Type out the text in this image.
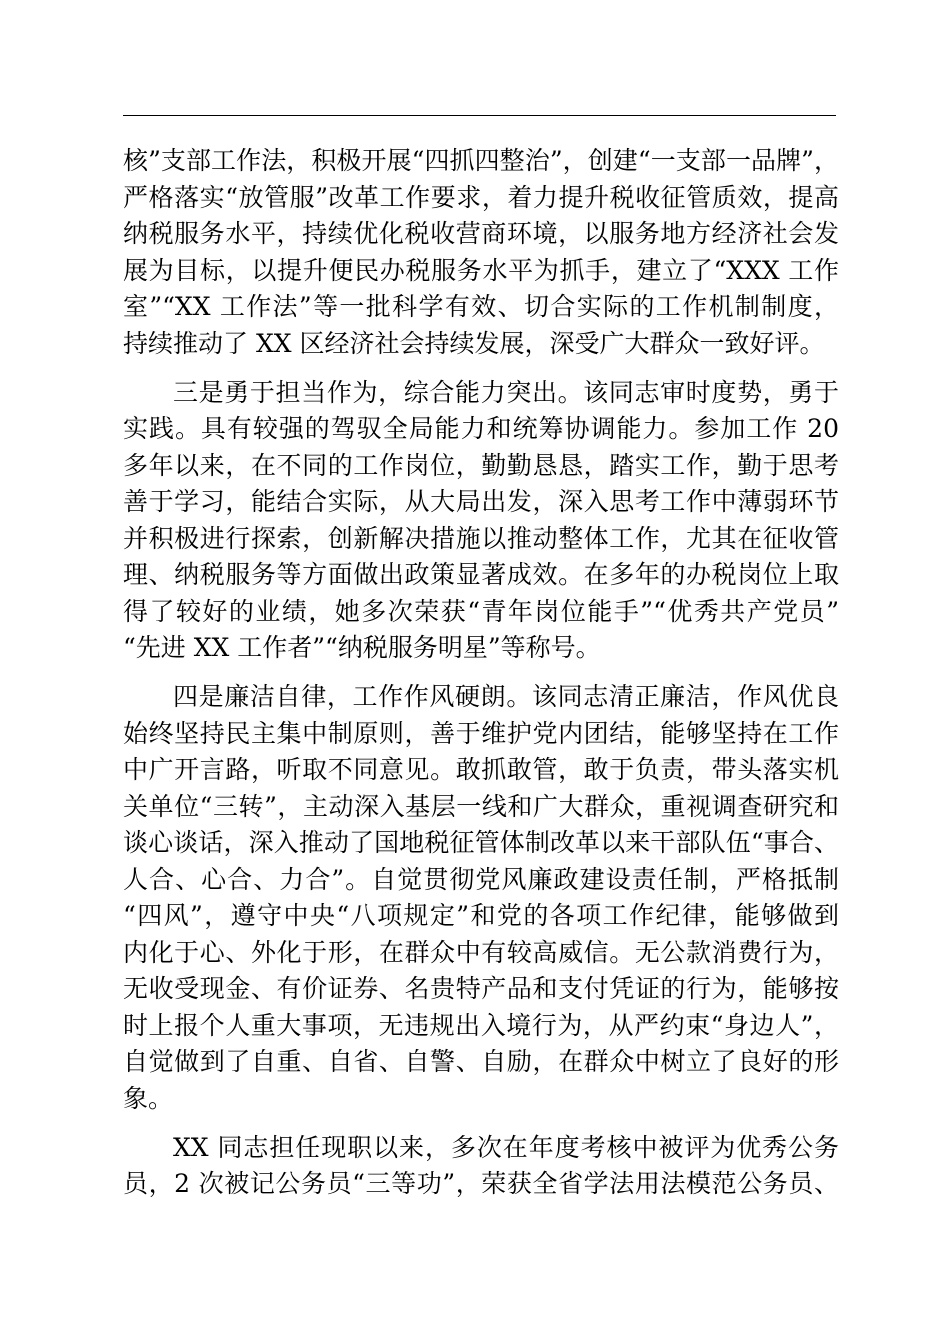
核”支部工作法，积极开展“四抓四整治”，创建“一支部一品牌”，
严格落实“放管服”改革工作要求，着力提升税收征管质效，提高
纳税服务水平，持续优化税收营商环境，以服务地方经济社会发
展为目标，以提升便民办税服务水平为抓手，建立了“XXX 工作
室”“XX 工作法”等一批科学有效、切合实际的工作机制制度，
持续推动了 XX 区经济社会持续发展，深受广大群众一致好评。
三是勇于担当作为，综合能力突出。该同志审时度势，勇于
实践。具有较强的驾驭全局能力和统筹协调能力。参加工作 20
多年以来，在不同的工作岗位，勤勤恳恳，踏实工作，勤于思考
善于学习，能结合实际，从大局出发，深入思考工作中薄弱环节
并积极进行探索，创新解决措施以推动整体工作，尤其在征收管
理、纳税服务等方面做出政策显著成效。在多年的办税岗位上取
得了较好的业绩，她多次荣获“青年岗位能手”“优秀共产党员”
“先进 XX 工作者”“纳税服务明星”等称号。
四是廉洁自律，工作作风硬朗。该同志清正廉洁，作风优良
始终坚持民主集中制原则，善于维护党内团结，能够坚持在工作
中广开言路，听取不同意见。敢抓敢管，敢于负责，带头落实机
关单位“三转”，主动深入基层一线和广大群众，重视调查研究和
谈心谈话，深入推动了国地税征管体制改革以来干部队伍“事合、
人合、心合、力合”。自觉贯彻党风廉政建设责任制，严格抵制
“四风”，遵守中央“八项规定”和党的各项工作纪律，能够做到
内化于心、外化于形，在群众中有较高威信。无公款消费行为，
无收受现金、有价证券、名贵特产品和支付凭证的行为，能够按
时上报个人重大事项，无违规出入境行为，从严约束“身边人”，
自觉做到了自重、自省、自警、自励，在群众中树立了良好的形
象。
XX 同志担任现职以来，多次在年度考核中被评为优秀公务
员，2 次被记公务员“三等功”，荣获全省学法用法模范公务员、
